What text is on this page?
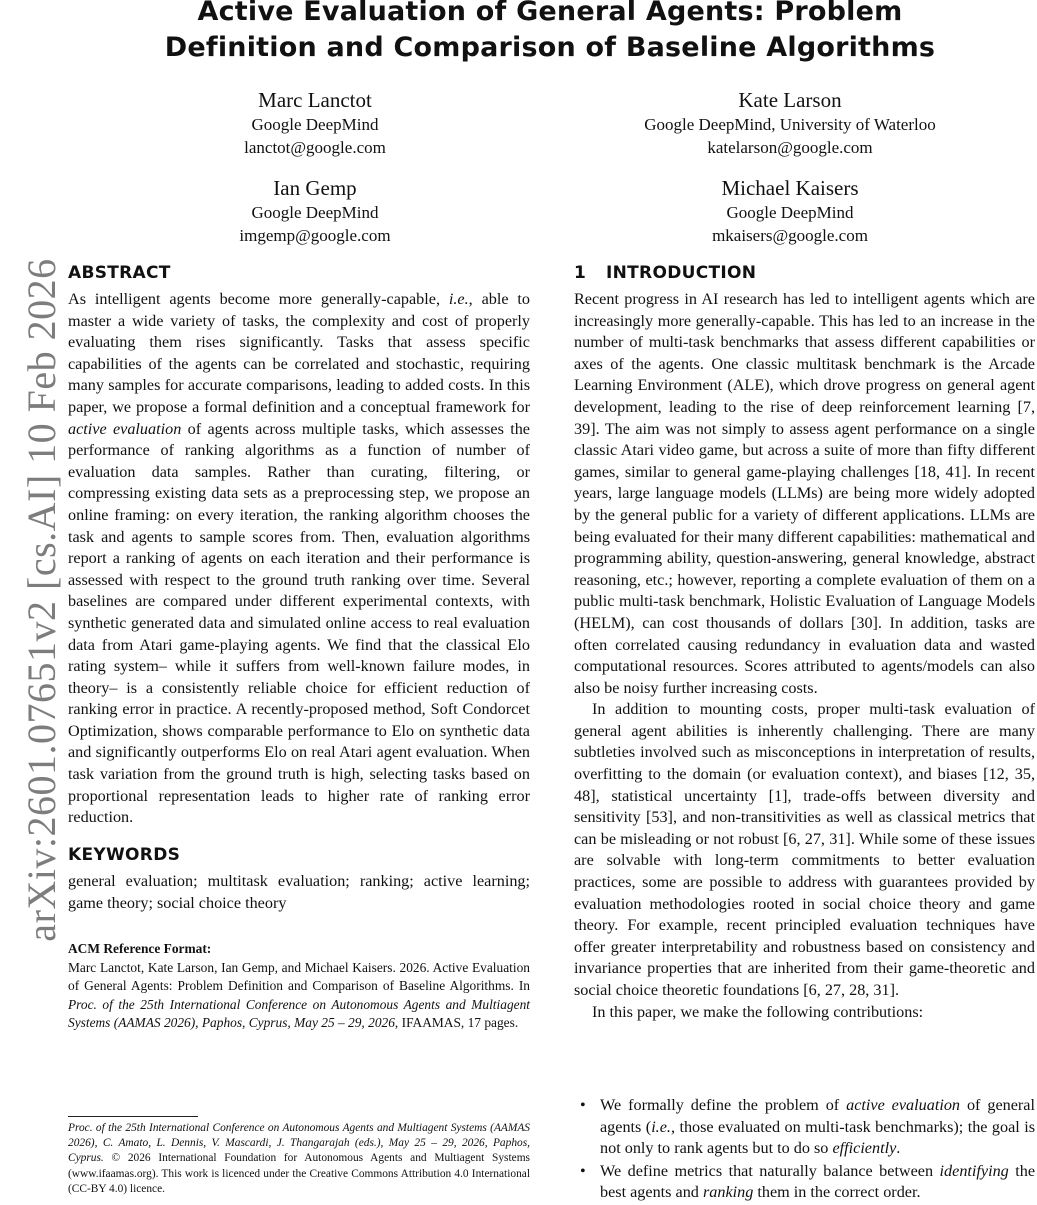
Active Evaluation of General Agents: Problem
Definition and Comparison of Baseline Algorithms
Marc Lanctot
Google DeepMind
lanctot@google.com
Kate Larson
Google DeepMind, University of Waterloo
katelarson@google.com
Ian Gemp
Google DeepMind
imgemp@google.com
Michael Kaisers
Google DeepMind
mkaisers@google.com
arXiv:2601.07651v2 [cs.AI] 10 Feb 2026 ABSTRACT

As intelligent agents become more generally-capable, i.e., able to master a wide variety of tasks, the complexity and cost of properly evaluating them rises significantly. Tasks that assess specific capabilities of the agents can be correlated and stochastic, requiring many samples for accurate comparisons, leading to added costs. In this paper, we propose a formal definition and a conceptual framework for active evaluation of agents across multiple tasks, which assesses the performance of ranking algorithms as a function of number of evaluation data samples. Rather than curating, filtering, or compressing existing data sets as a preprocessing step, we propose an online framing: on every iteration, the ranking algorithm chooses the task and agents to sample scores from. Then, evaluation algorithms report a ranking of agents on each iteration and their performance is assessed with respect to the ground truth ranking over time. Several baselines are compared under different experimental contexts, with synthetic generated data and simulated online access to real evaluation data from Atari game-playing agents. We find that the classical Elo rating system– while it suffers from well-known failure modes, in theory– is a consistently reliable choice for efficient reduction of ranking error in practice. A recently-proposed method, Soft Condorcet Optimization, shows comparable performance to Elo on synthetic data and significantly outperforms Elo on real Atari agent evaluation. When task variation from the ground truth is high, selecting tasks based on proportional representation leads to higher rate of ranking error reduction.

KEYWORDS

general evaluation; multitask evaluation; ranking; active learning; game theory; social choice theory

ACM Reference Format:

Marc Lanctot, Kate Larson, Ian Gemp, and Michael Kaisers. 2026. Active Evaluation of General Agents: Problem Definition and Comparison of Baseline Algorithms. In Proc. of the 25th International Conference on Autonomous Agents and Multiagent Systems (AAMAS 2026), Paphos, Cyprus, May 25 – 29, 2026, IFAAMAS, 17 pages.

Proc. of the 25th International Conference on Autonomous Agents and Multiagent Systems (AAMAS 2026), C. Amato, L. Dennis, V. Mascardi, J. Thangarajah (eds.), May 25 – 29, 2026, Paphos, Cyprus. © 2026 International Foundation for Autonomous Agents and Multiagent Systems (www.ifaamas.org). This work is licenced under the Creative Commons Attribution 4.0 International (CC-BY 4.0) licence.
1 INTRODUCTION

Recent progress in AI research has led to intelligent agents which are increasingly more generally-capable. This has led to an increase in the number of multi-task benchmarks that assess different capabilities or axes of the agents. One classic multitask benchmark is the Arcade Learning Environment (ALE), which drove progress on general agent development, leading to the rise of deep reinforcement learning [7, 39]. The aim was not simply to assess agent performance on a single classic Atari video game, but across a suite of more than fifty different games, similar to general game-playing challenges [18, 41]. In recent years, large language models (LLMs) are being more widely adopted by the general public for a variety of different applications. LLMs are being evaluated for their many different capabilities: mathematical and programming ability, question-answering, general knowledge, abstract reasoning, etc.; however, reporting a complete evaluation of them on a public multi-task benchmark, Holistic Evaluation of Language Models (HELM), can cost thousands of dollars [30]. In addition, tasks are often correlated causing redundancy in evaluation data and wasted computational resources. Scores attributed to agents/models can also also be noisy further increasing costs.

In addition to mounting costs, proper multi-task evaluation of general agent abilities is inherently challenging. There are many subtleties involved such as misconceptions in interpretation of results, overfitting to the domain (or evaluation context), and biases [12, 35, 48], statistical uncertainty [1], trade-offs between diversity and sensitivity [53], and non-transitivities as well as classical metrics that can be misleading or not robust [6, 27, 31]. While some of these issues are solvable with long-term commitments to better evaluation practices, some are possible to address with guarantees provided by evaluation methodologies rooted in social choice theory and game theory. For example, recent principled evaluation techniques have offer greater interpretability and robustness based on consistency and invariance properties that are inherited from their game-theoretic and social choice theoretic foundations [6, 27, 28, 31].

In this paper, we make the following contributions:

• We formally define the problem of active evaluation of general agents (i.e., those evaluated on multi-task benchmarks); the goal is not only to rank agents but to do so efficiently.
• We define metrics that naturally balance between identifying the best agents and ranking them in the correct order.
